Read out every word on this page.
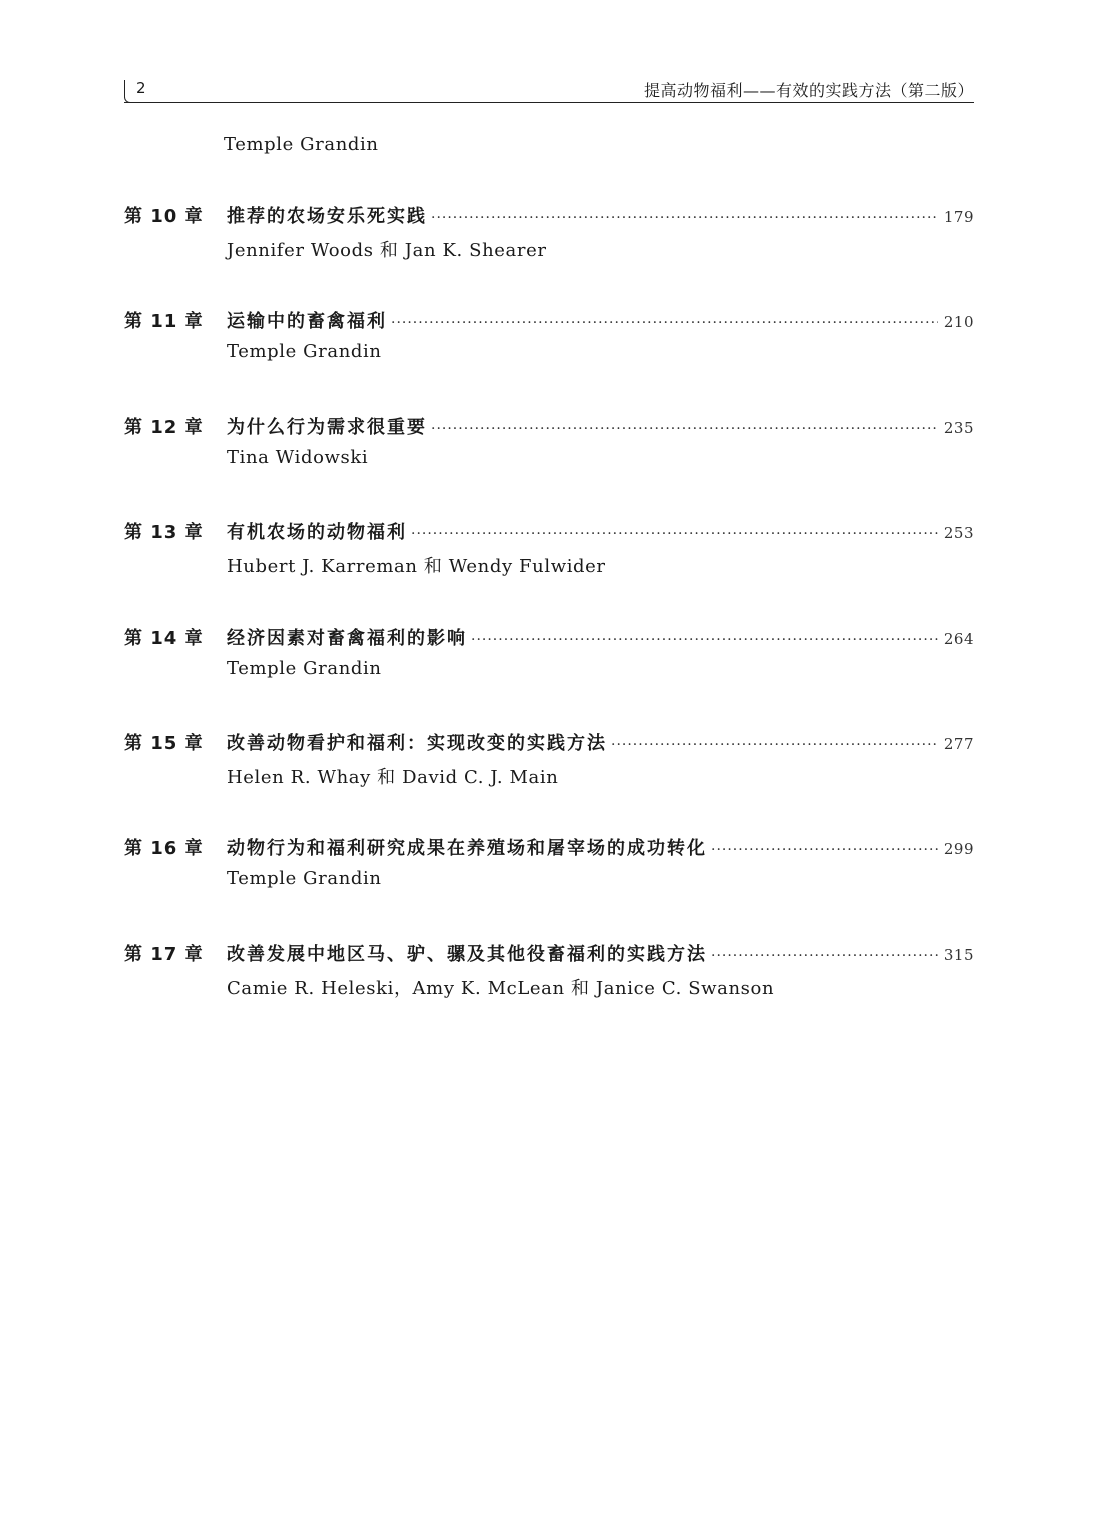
2	提高动物福利——有效的实践方法（第二版）
Temple Grandin
第 10 章	推荐的农场安乐死实践 ·····	179
Jennifer Woods 和 Jan K. Shearer
第 11 章	运输中的畜禽福利 ·····	210
Temple Grandin
第 12 章	为什么行为需求很重要 ·····	235
Tina Widowski
第 13 章	有机农场的动物福利 ·····	253
Hubert J. Karreman 和 Wendy Fulwider
第 14 章	经济因素对畜禽福利的影响 ·····	264
Temple Grandin
第 15 章	改善动物看护和福利：实现改变的实践方法 ·····	277
Helen R. Whay 和 David C. J. Main
第 16 章	动物行为和福利研究成果在养殖场和屠宰场的成功转化 ·····	299
Temple Grandin
第 17 章	改善发展中地区马、驴、骡及其他役畜福利的实践方法 ·····	315
Camie R. Heleski，Amy K. McLean 和 Janice C. Swanson
